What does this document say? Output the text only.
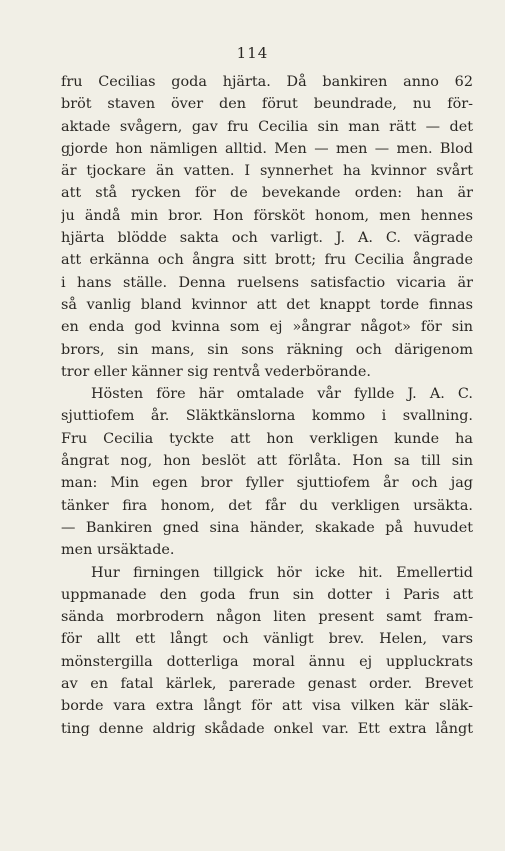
114
fru Cecilias goda hjärta. Då bankiren anno 62
bröt staven över den förut beundrade, nu för-
aktade svågern, gav fru Cecilia sin man rätt — det
gjorde hon nämligen alltid. Men — men — men. Blod
är tjockare än vatten. I synnerhet ha kvinnor svårt
att stå rycken för de bevekande orden: han är
ju ändå min bror. Hon försköt honom, men hennes
hjärta blödde sakta och varligt. J. A. C. vägrade
att erkänna och ångra sitt brott; fru Cecilia ångrade
i hans ställe. Denna ruelsens satisfactio vicaria är
så vanlig bland kvinnor att det knappt torde finnas
en enda god kvinna som ej »ångrar något» för sin
brors, sin mans, sin sons räkning och därigenom
tror eller känner sig rentvå vederbörande.
Hösten före här omtalade vår fyllde J. A. C.
sjuttiofem år. Släktkänslorna kommo i svallning.
Fru Cecilia tyckte att hon verkligen kunde ha
ångrat nog, hon beslöt att förlåta. Hon sa till sin
man: Min egen bror fyller sjuttiofem år och jag
tänker fira honom, det får du verkligen ursäkta.
— Bankiren gned sina händer, skakade på huvudet
men ursäktade.
Hur firningen tillgick hör icke hit. Emellertid
uppmanade den goda frun sin dotter i Paris att
sända morbrodern någon liten present samt fram-
för allt ett långt och vänligt brev. Helen, vars
mönstergilla dotterliga moral ännu ej uppluckrats
av en fatal kärlek, parerade genast order. Brevet
borde vara extra långt för att visa vilken kär släk-
ting denne aldrig skådade onkel var. Ett extra långt
